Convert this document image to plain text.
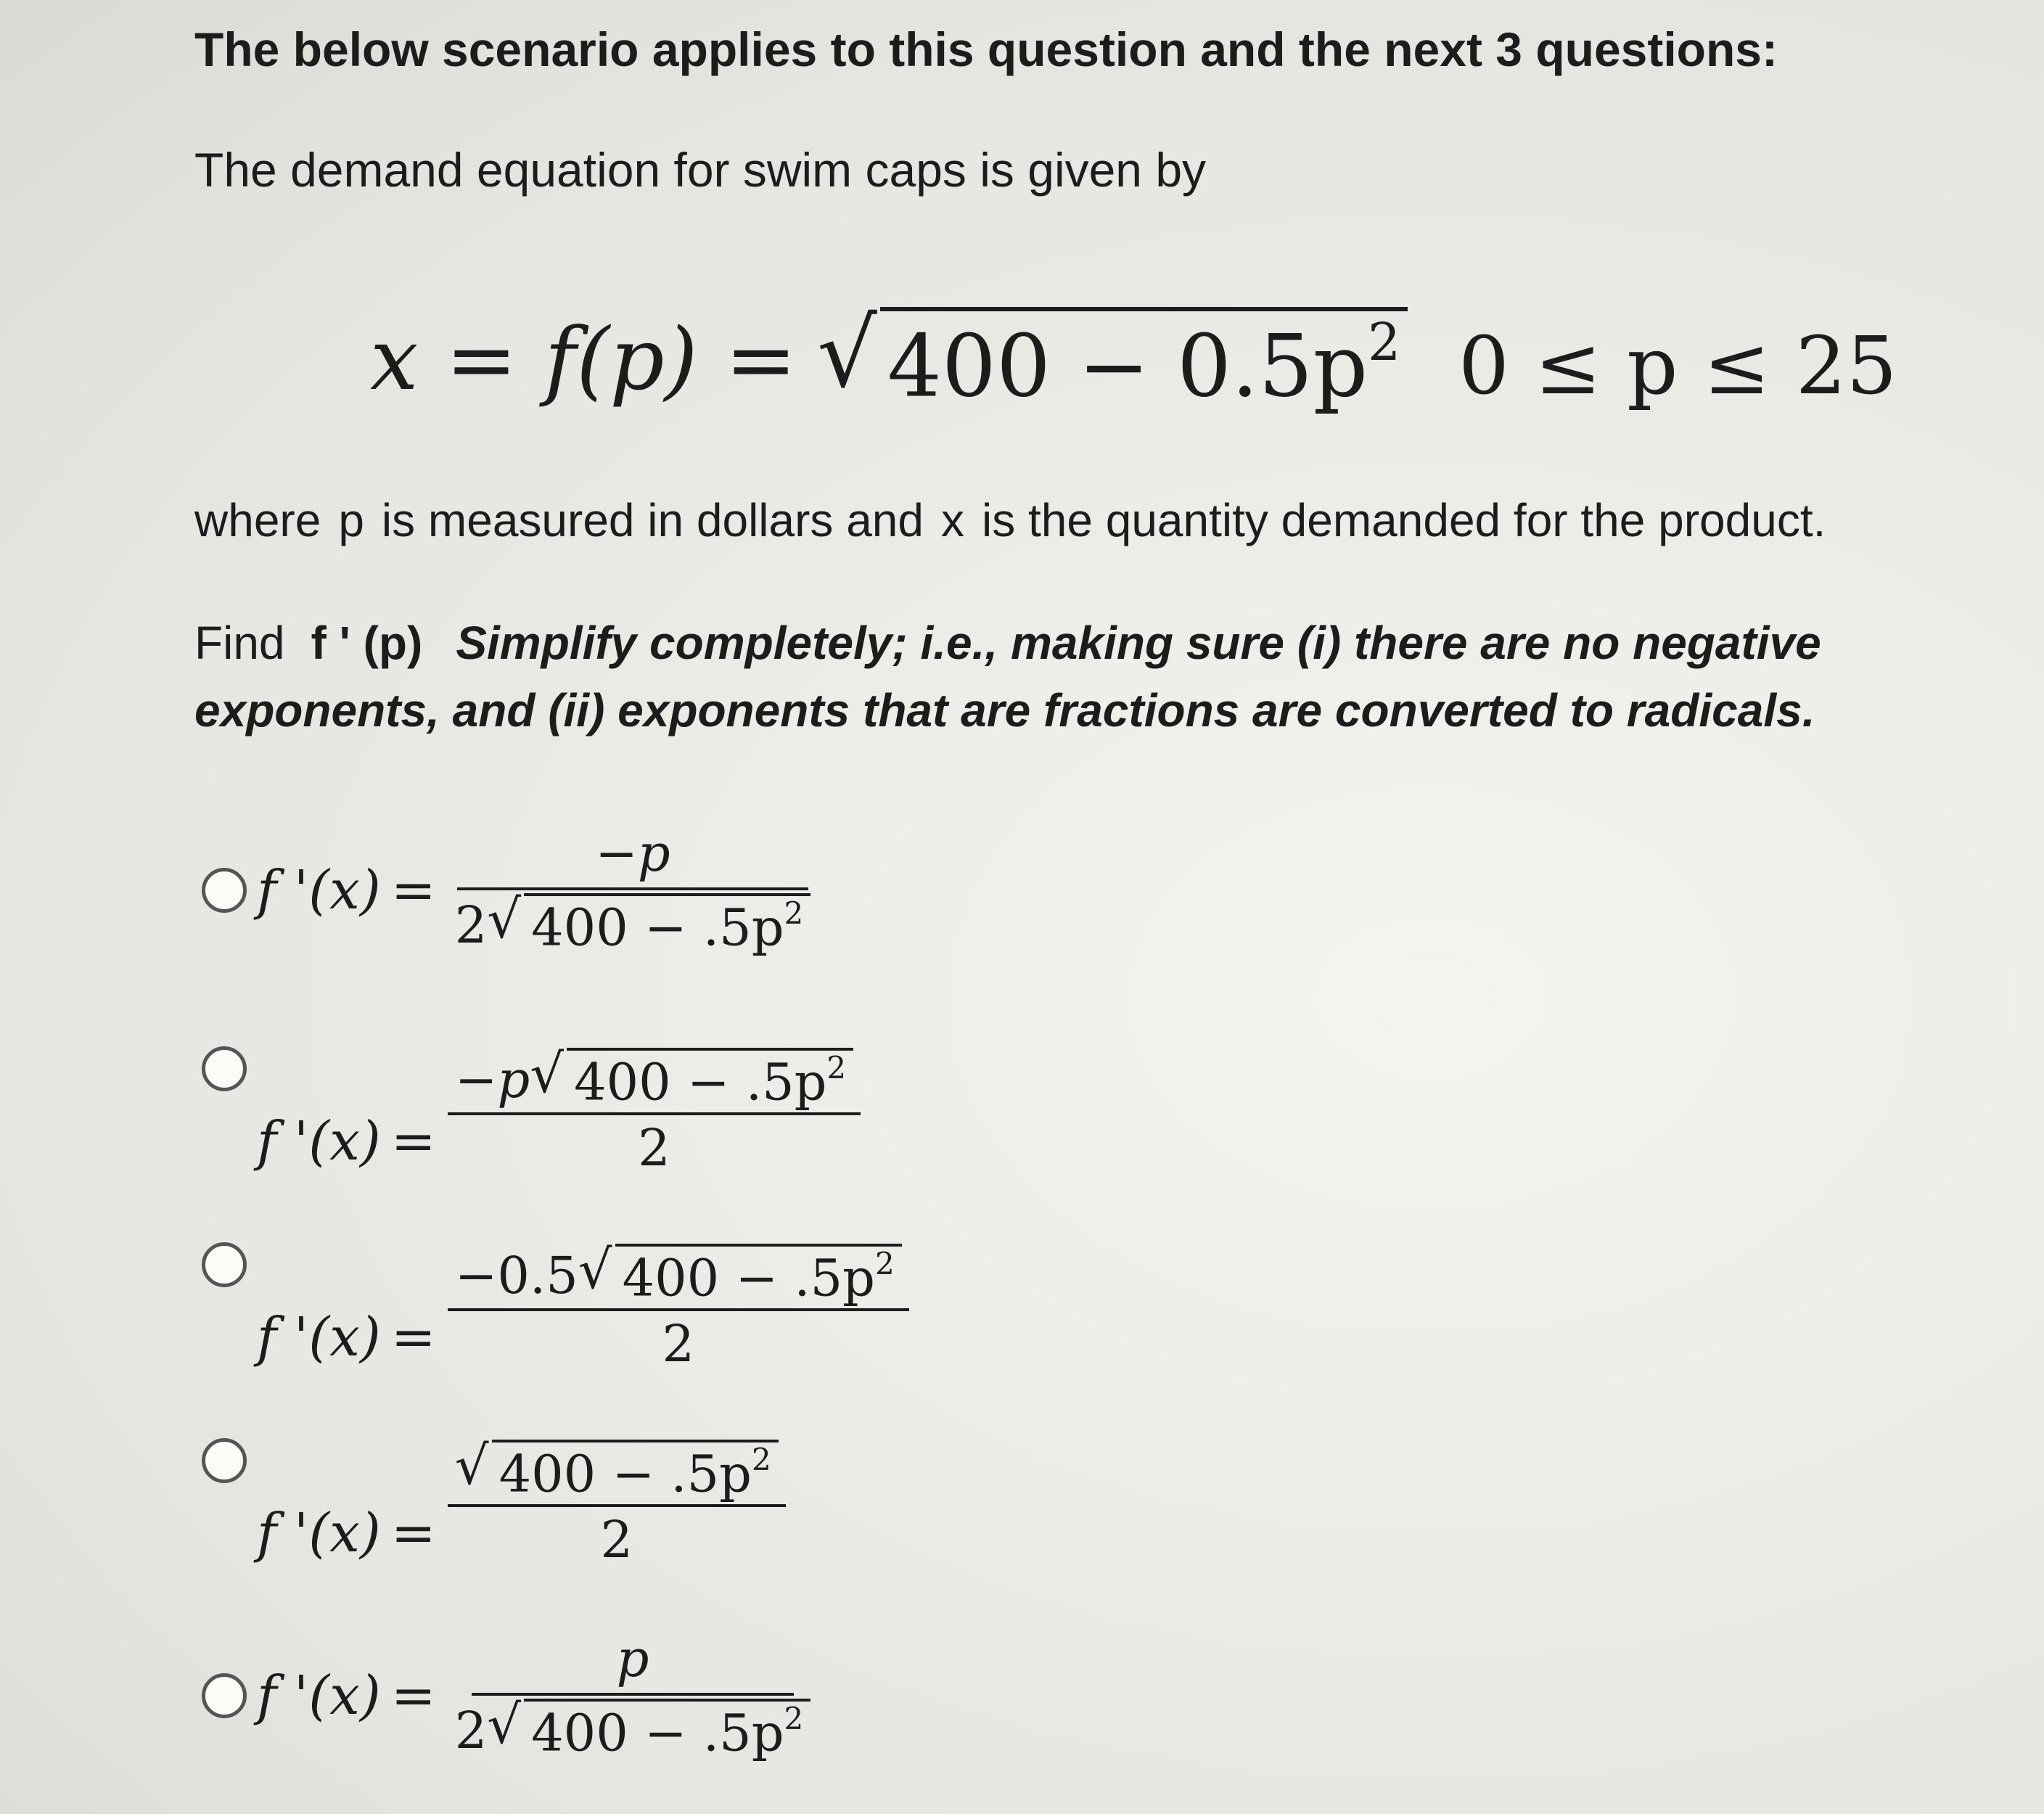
The below scenario applies to this question and the next 3 questions:

The demand equation for swim caps is given by

x = f(p) = √ $400 - 0.5p^2$ 0 ≤ p ≤ 25

where p is measured in dollars and x is the quantity demanded for the product.

Find f ' (p) Simplify completely; i.e., making sure (i) there are no negative exponents, and (ii) exponents that are fractions are converted to radicals.

f '$(x) = \frac{-p}{2 √ 400 - .5p^2}$
f '$(x) = \frac{-p √ 400 - .5p^2}{2}$
f '$(x) = \frac{-0.5 √ 400 - .5p^2}{2}$
f '$(x) = \frac{√ 400 - .5p^2}{2}$
f '$(x) = \frac{p}{2 √ 400 - .5p^2}$
